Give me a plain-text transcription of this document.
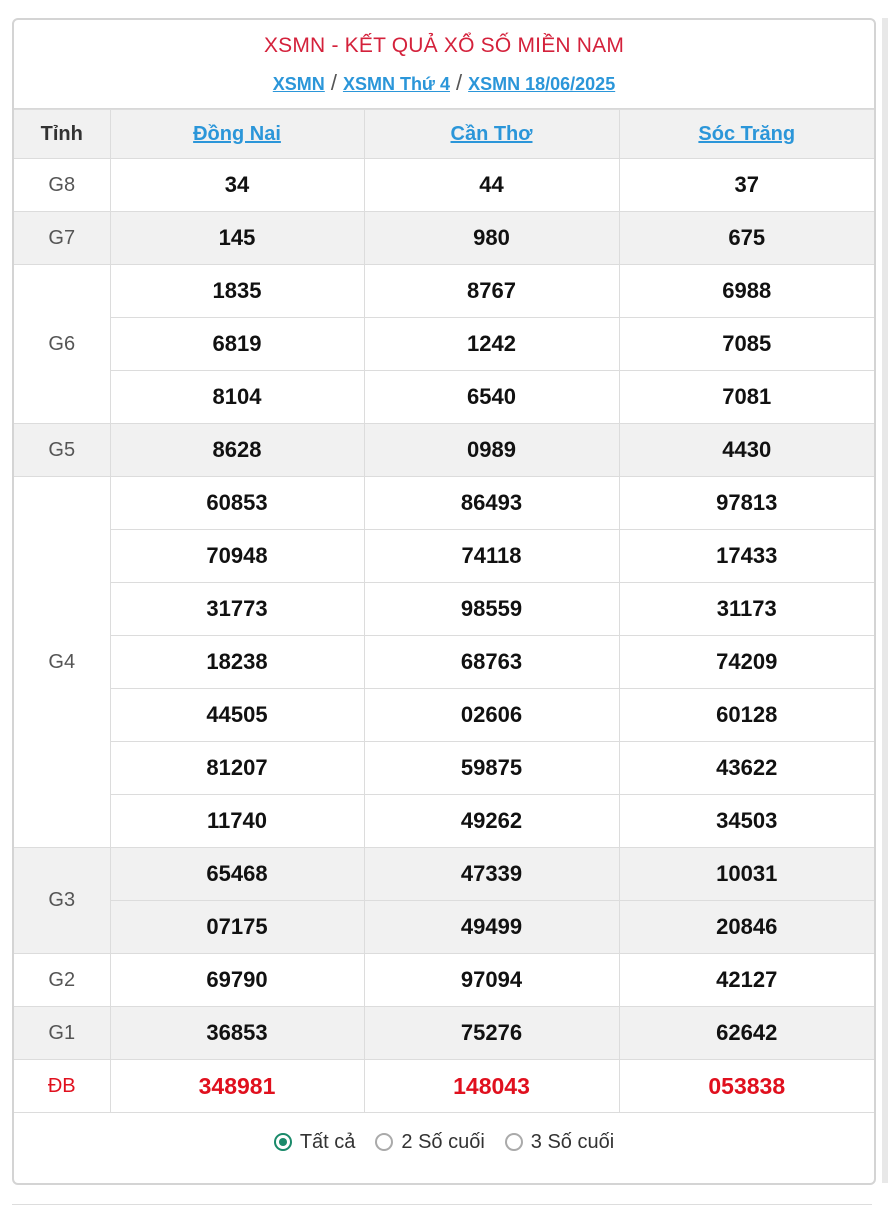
XSMN - KẾT QUẢ XỔ SỐ MIỀN NAM
XSMN / XSMN Thứ 4 / XSMN 18/06/2025
Tỉnh	Đồng Nai	Cần Thơ	Sóc Trăng
G8	34	44	37
G7	145	980	675
G6	1835	8767	6988
	6819	1242	7085
	8104	6540	7081
G5	8628	0989	4430
G4	60853	86493	97813
	70948	74118	17433
	31773	98559	31173
	18238	68763	74209
	44505	02606	60128
	81207	59875	43622
	11740	49262	34503
G3	65468	47339	10031
	07175	49499	20846
G2	69790	97094	42127
G1	36853	75276	62642
ĐB	348981	148043	053838
Tất cả 2 Số cuối 3 Số cuối
